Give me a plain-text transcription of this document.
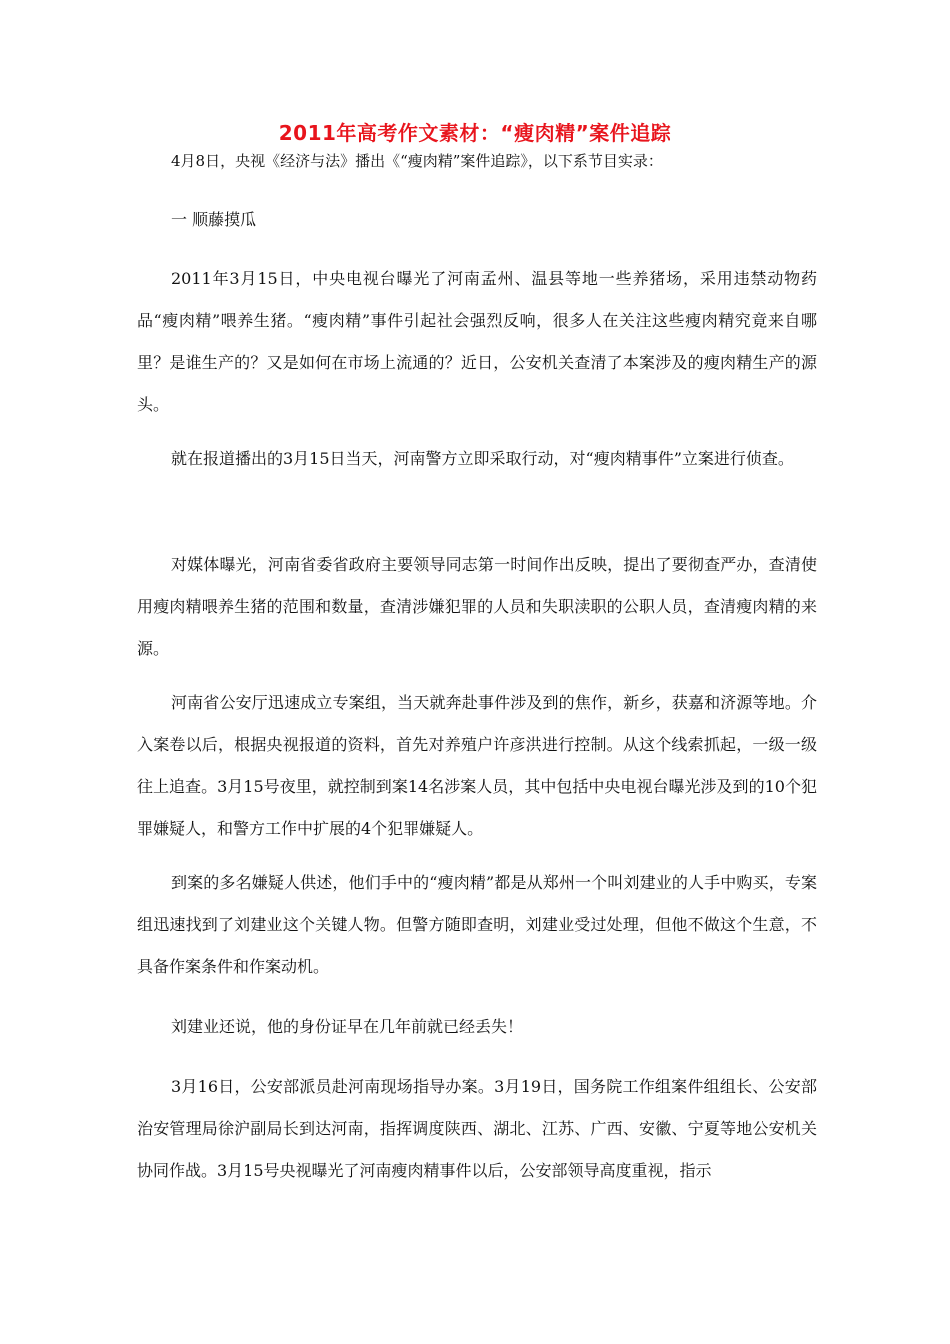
2011年高考作文素材：“瘦肉精”案件追踪
4月8日，央视《经济与法》播出《“瘦肉精”案件追踪》，以下系节目实录：
一 顺藤摸瓜
2011年3月15日，中央电视台曝光了河南孟州、温县等地一些养猪场，采用违禁动物药品“瘦肉精”喂养生猪。“瘦肉精”事件引起社会强烈反响，很多人在关注这些瘦肉精究竟来自哪里？是谁生产的？又是如何在市场上流通的？近日，公安机关查清了本案涉及的瘦肉精生产的源头。
就在报道播出的3月15日当天，河南警方立即采取行动，对“瘦肉精事件”立案进行侦查。
对媒体曝光，河南省委省政府主要领导同志第一时间作出反映，提出了要彻查严办，查清使用瘦肉精喂养生猪的范围和数量，查清涉嫌犯罪的人员和失职渎职的公职人员，查清瘦肉精的来源。
河南省公安厅迅速成立专案组，当天就奔赴事件涉及到的焦作，新乡，获嘉和济源等地。介入案卷以后，根据央视报道的资料，首先对养殖户许彦洪进行控制。从这个线索抓起，一级一级往上追查。3月15号夜里，就控制到案14名涉案人员，其中包括中央电视台曝光涉及到的10个犯罪嫌疑人，和警方工作中扩展的4个犯罪嫌疑人。
到案的多名嫌疑人供述，他们手中的“瘦肉精”都是从郑州一个叫刘建业的人手中购买，专案组迅速找到了刘建业这个关键人物。但警方随即查明，刘建业受过处理，但他不做这个生意，不具备作案条件和作案动机。
刘建业还说，他的身份证早在几年前就已经丢失！
3月16日，公安部派员赴河南现场指导办案。3月19日，国务院工作组案件组组长、公安部治安管理局徐沪副局长到达河南，指挥调度陕西、湖北、江苏、广西、安徽、宁夏等地公安机关协同作战。3月15号央视曝光了河南瘦肉精事件以后，公安部领导高度重视，指示
